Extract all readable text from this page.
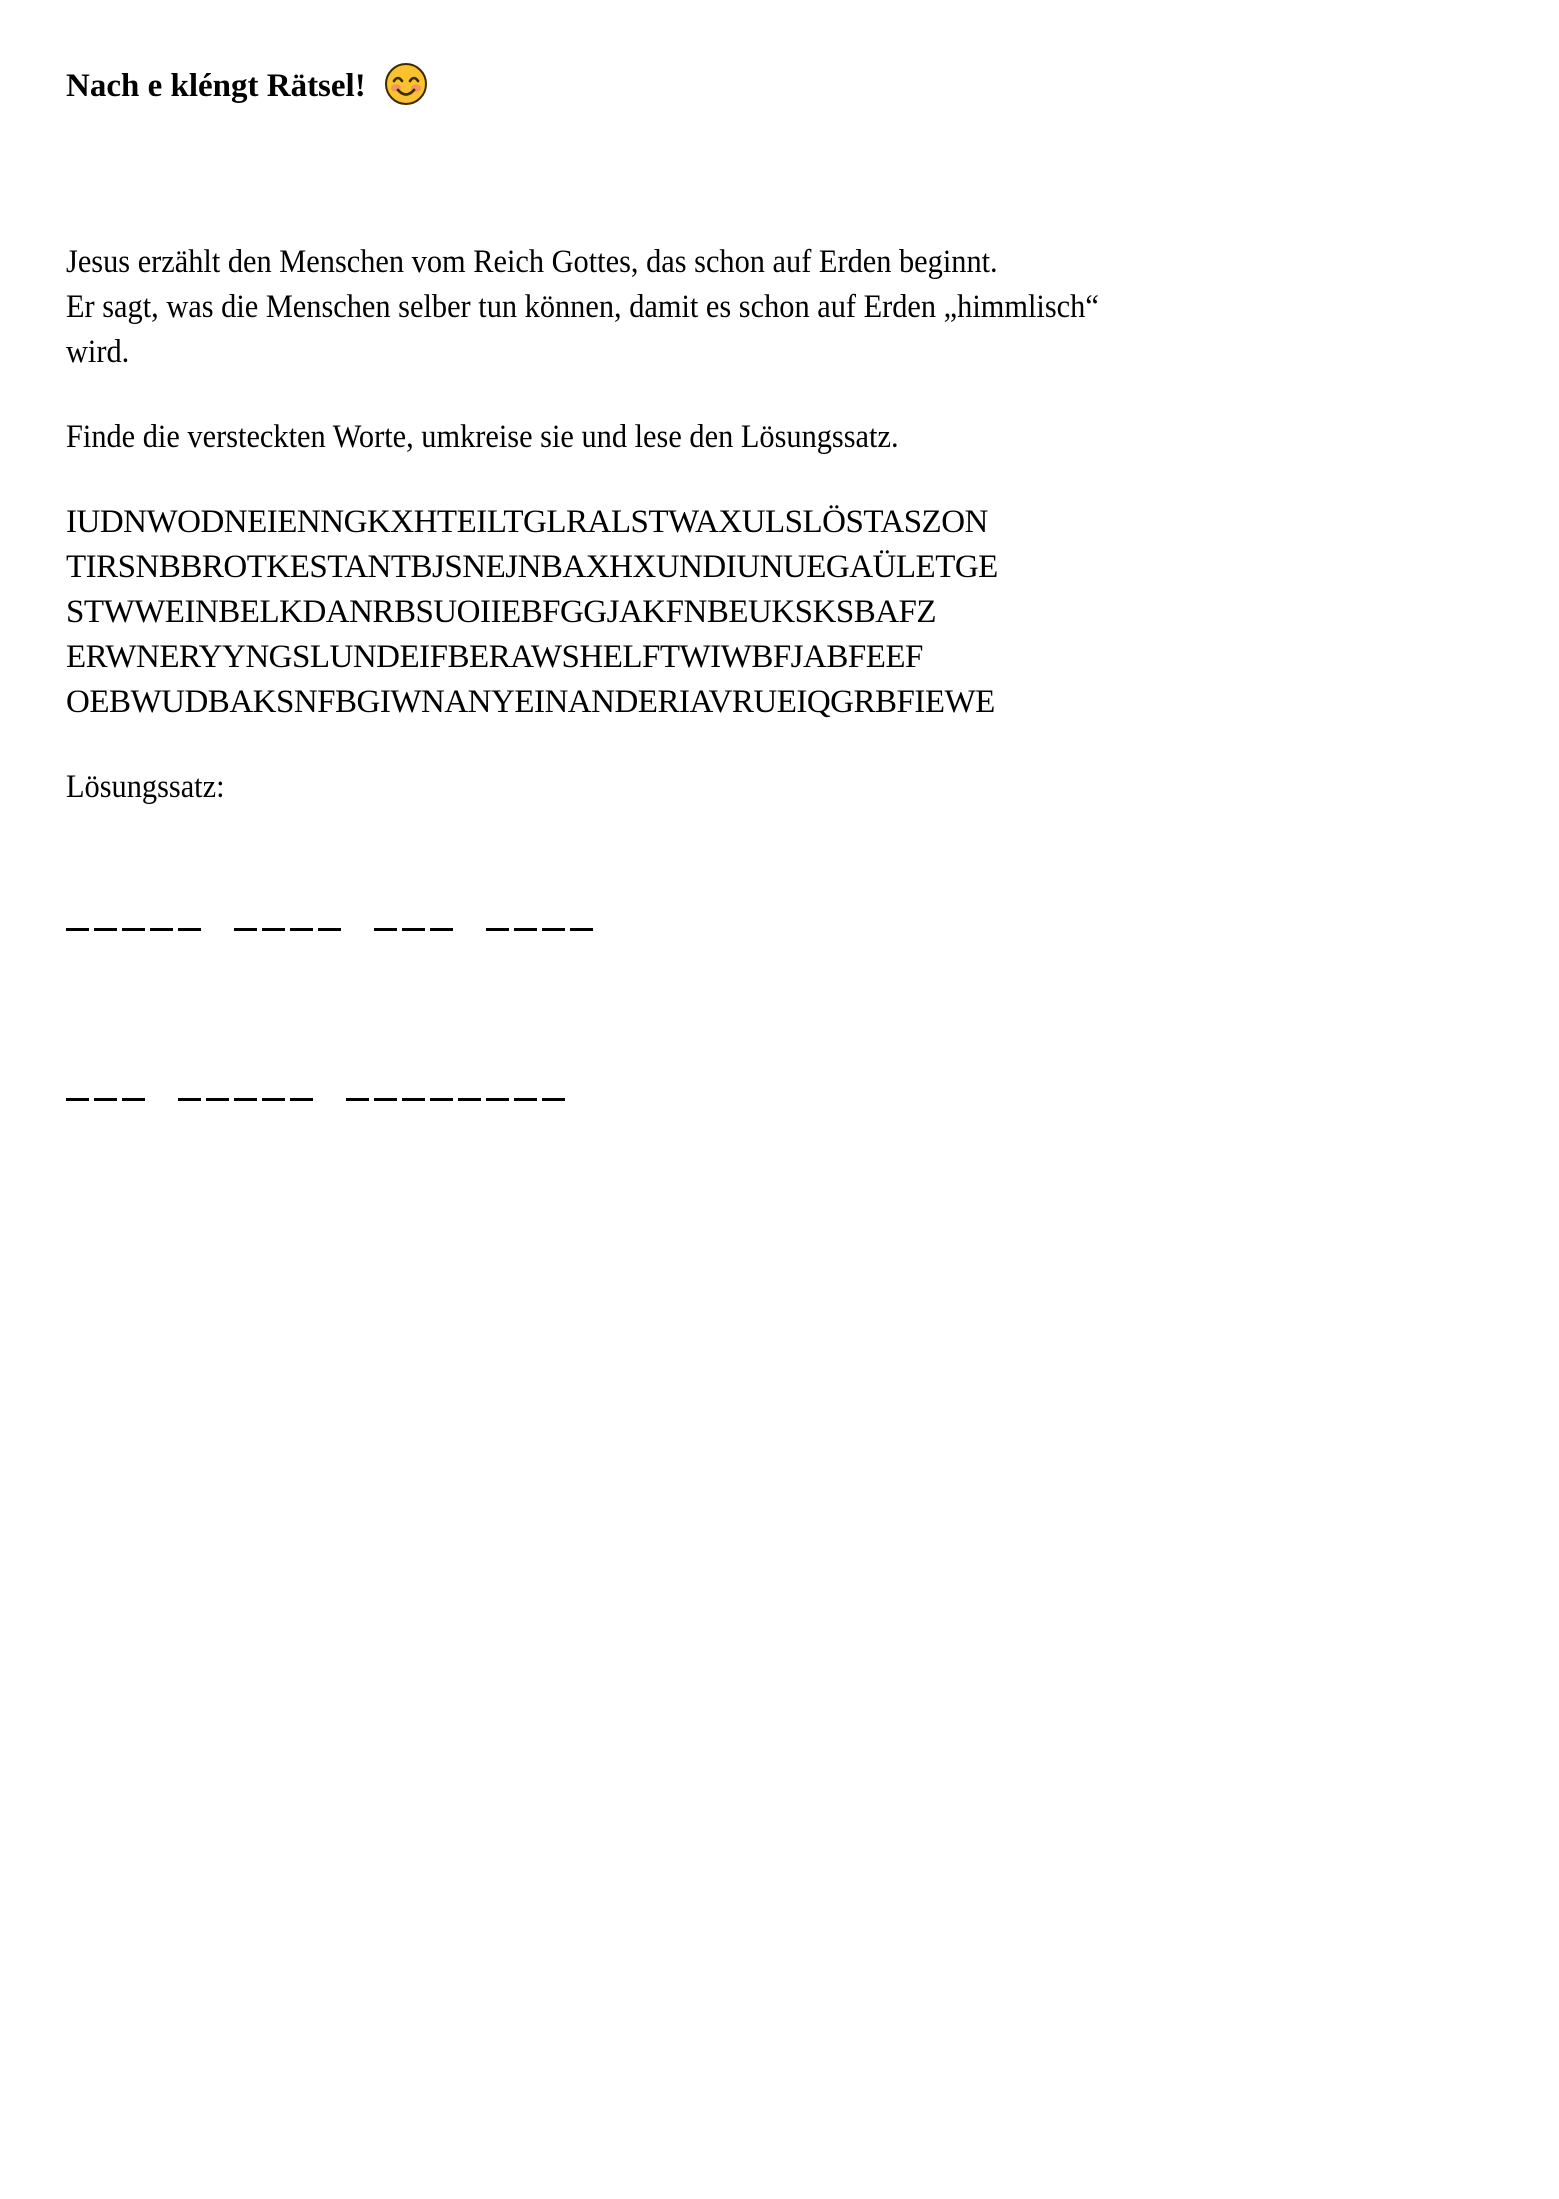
Nach e kléngt Rätsel!
Jesus erzählt den Menschen vom Reich Gottes, das schon auf Erden beginnt.
Er sagt, was die Menschen selber tun können, damit es schon auf Erden „himmlisch“
wird.
Finde die versteckten Worte, umkreise sie und lese den Lösungssatz.
IUDNWODNEIENNGKXHTEILTGLRALSTWAXULSLÖSTASZON
TIRSNBBROTKESTANTBJSNEJNBAXHXUNDIUNUEGAÜLETGE
STWWEINBELKDANRBSUOIIEBFGGJAKFNBEUKSKSBAFZ
ERWNERYYNGSLUNDEIFBERAWSHELFTWIWBFJABFEEF
OEBWUDBAKSNFBGIWNANYEINANDERIAVRUEIQGRBFIEWE
Lösungssatz:
